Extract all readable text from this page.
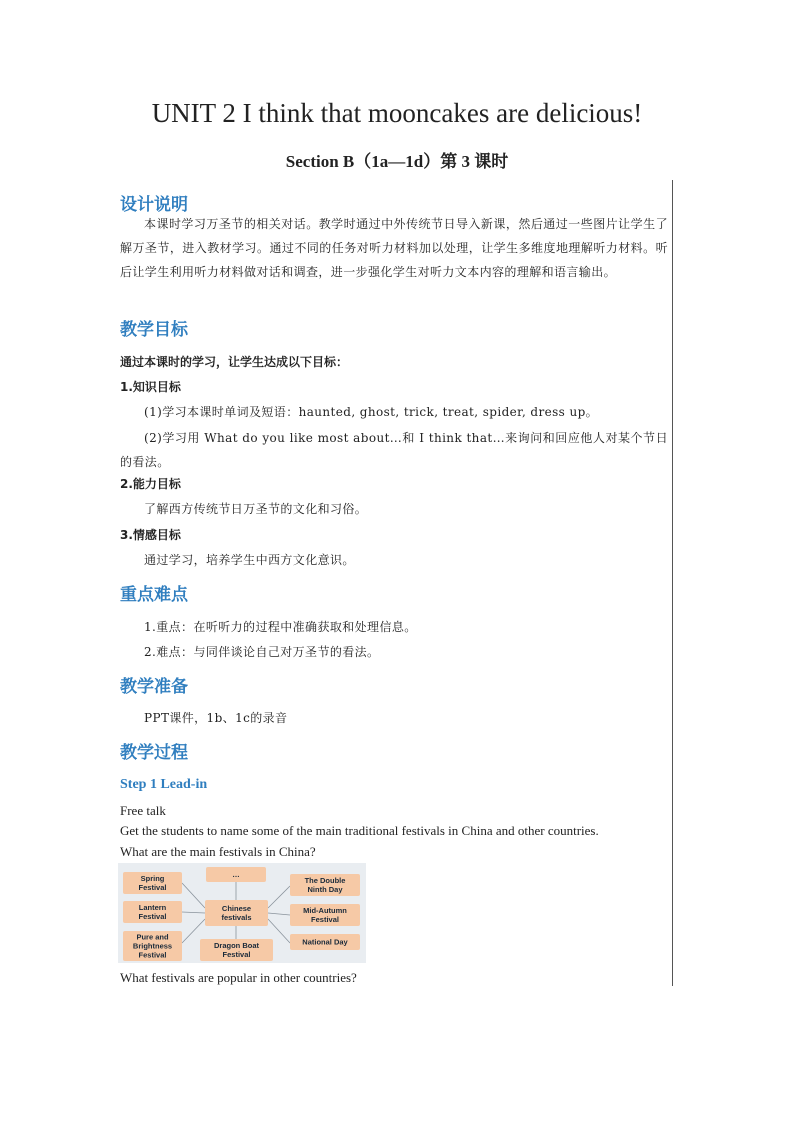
UNIT 2 I think that mooncakes are delicious!
Section B（1a—1d）第 3 课时
设计说明
本课时学习万圣节的相关对话。教学时通过中外传统节日导入新课，然后通过一些图片让学生了解万圣节，进入教材学习。通过不同的任务对听力材料加以处理，让学生多维度地理解听力材料。听后让学生利用听力材料做对话和调查，进一步强化学生对听力文本内容的理解和语言输出。
教学目标
通过本课时的学习，让学生达成以下目标：
1.知识目标
(1)学习本课时单词及短语：haunted, ghost, trick, treat, spider, dress up。
(2)学习用 What do you like most about…和 I think that…来询问和回应他人对某个节日的看法。
2.能力目标
了解西方传统节日万圣节的文化和习俗。
3.情感目标
通过学习，培养学生中西方文化意识。
重点难点
1.重点：在听听力的过程中准确获取和处理信息。
2.难点：与同伴谈论自己对万圣节的看法。
教学准备
PPT课件，1b、1c的录音
教学过程
Step 1 Lead-in
Free talk
Get the students to name some of the main traditional festivals in China and other countries.
What are the main festivals in China?
Chinese
festivals
…
Spring
Festival
Lantern
Festival
Pure and
Brightness
Festival
Dragon Boat
Festival
The Double
Ninth Day
Mid-Autumn
Festival
National Day
What festivals are popular in other countries?
